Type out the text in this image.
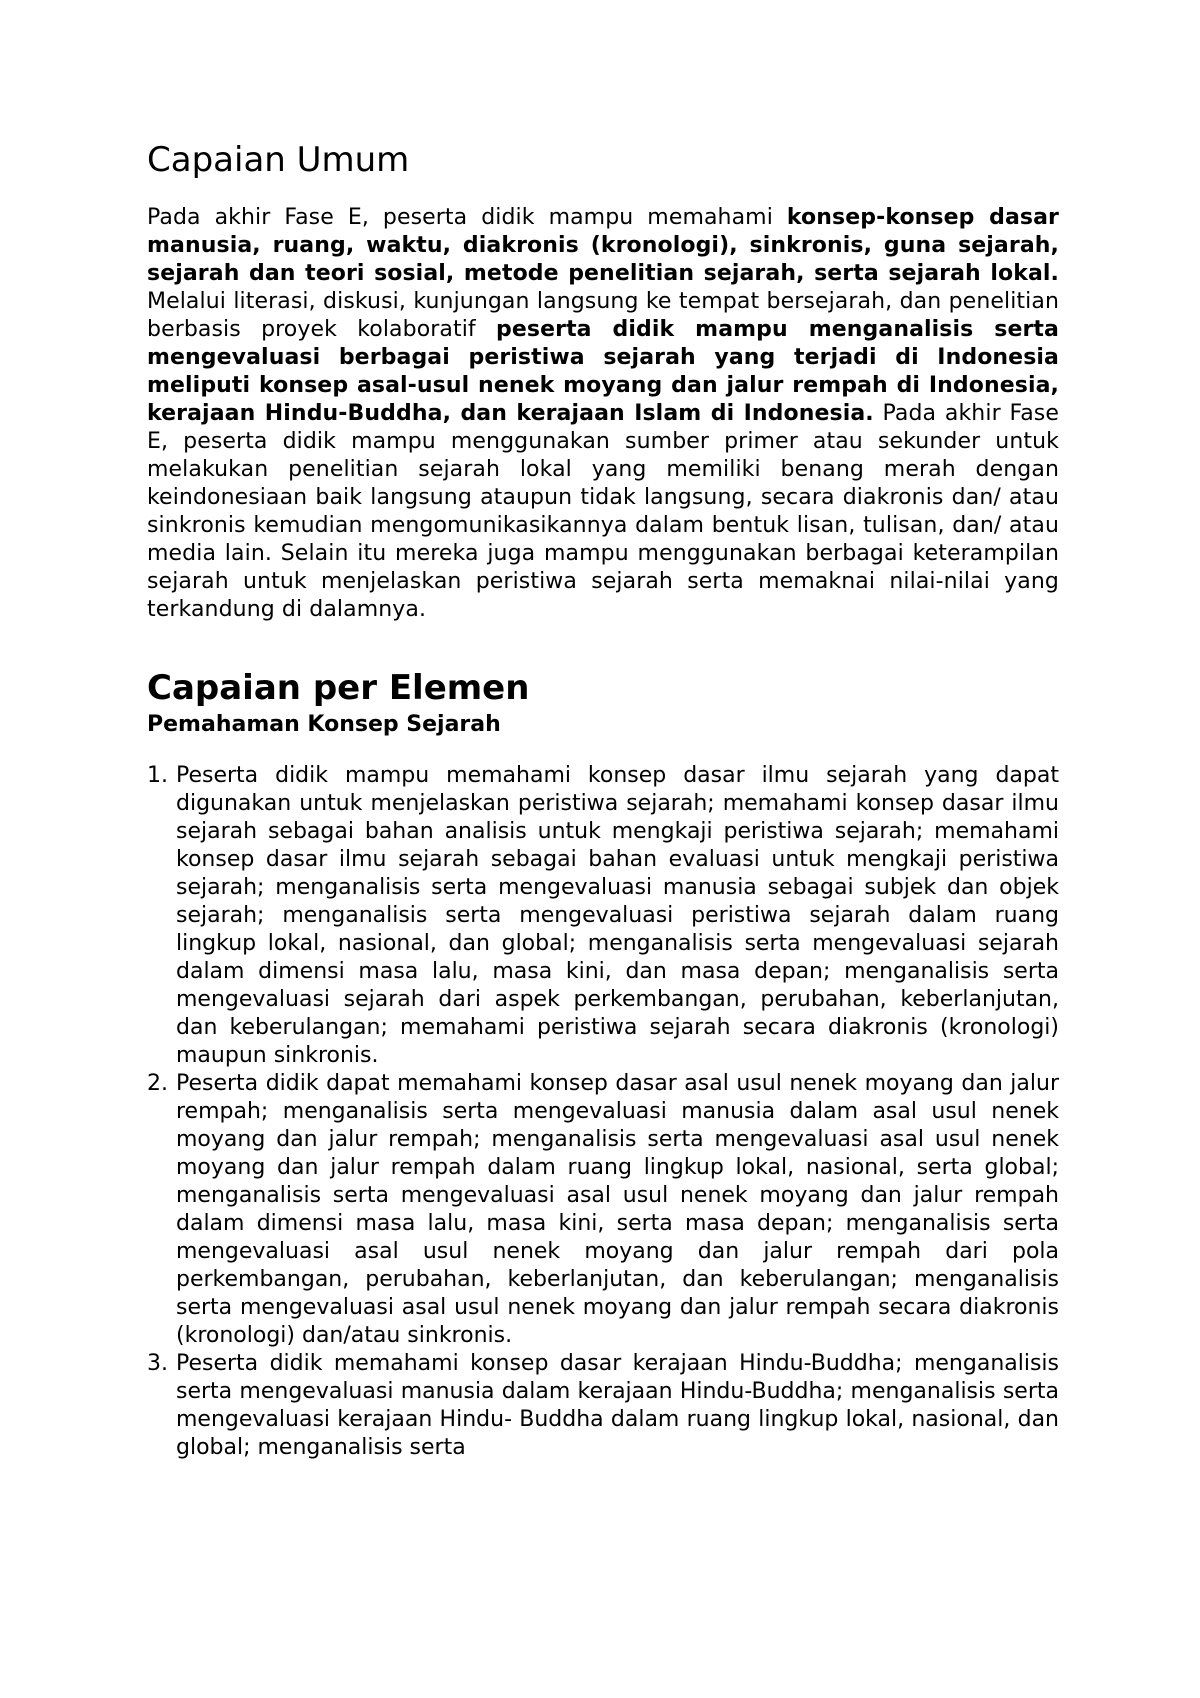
Capaian Umum

Pada akhir Fase E, peserta didik mampu memahami konsep-konsep dasar manusia, ruang, waktu, diakronis (kronologi), sinkronis, guna sejarah, sejarah dan teori sosial, metode penelitian sejarah, serta sejarah lokal. Melalui literasi, diskusi, kunjungan langsung ke tempat bersejarah, dan penelitian berbasis proyek kolaboratif peserta didik mampu menganalisis serta mengevaluasi berbagai peristiwa sejarah yang terjadi di Indonesia meliputi konsep asal-usul nenek moyang dan jalur rempah di Indonesia, kerajaan Hindu-Buddha, dan kerajaan Islam di Indonesia. Pada akhir Fase E, peserta didik mampu menggunakan sumber primer atau sekunder untuk melakukan penelitian sejarah lokal yang memiliki benang merah dengan keindonesiaan baik langsung ataupun tidak langsung, secara diakronis dan/ atau sinkronis kemudian mengomunikasikannya dalam bentuk lisan, tulisan, dan/ atau media lain. Selain itu mereka juga mampu menggunakan berbagai keterampilan sejarah untuk menjelaskan peristiwa sejarah serta memaknai nilai-nilai yang terkandung di dalamnya.

Capaian per Elemen
Pemahaman Konsep Sejarah
1. Peserta didik mampu memahami konsep dasar ilmu sejarah yang dapat digunakan untuk menjelaskan peristiwa sejarah; memahami konsep dasar ilmu sejarah sebagai bahan analisis untuk mengkaji peristiwa sejarah; memahami konsep dasar ilmu sejarah sebagai bahan evaluasi untuk mengkaji peristiwa sejarah; menganalisis serta mengevaluasi manusia sebagai subjek dan objek sejarah; menganalisis serta mengevaluasi peristiwa sejarah dalam ruang lingkup lokal, nasional, dan global; menganalisis serta mengevaluasi sejarah dalam dimensi masa lalu, masa kini, dan masa depan; menganalisis serta mengevaluasi sejarah dari aspek perkembangan, perubahan, keberlanjutan, dan keberulangan; memahami peristiwa sejarah secara diakronis (kronologi) maupun sinkronis.
2. Peserta didik dapat memahami konsep dasar asal usul nenek moyang dan jalur rempah; menganalisis serta mengevaluasi manusia dalam asal usul nenek moyang dan jalur rempah; menganalisis serta mengevaluasi asal usul nenek moyang dan jalur rempah dalam ruang lingkup lokal, nasional, serta global; menganalisis serta mengevaluasi asal usul nenek moyang dan jalur rempah dalam dimensi masa lalu, masa kini, serta masa depan; menganalisis serta mengevaluasi asal usul nenek moyang dan jalur rempah dari pola perkembangan, perubahan, keberlanjutan, dan keberulangan; menganalisis serta mengevaluasi asal usul nenek moyang dan jalur rempah secara diakronis (kronologi) dan/atau sinkronis.
3. Peserta didik memahami konsep dasar kerajaan Hindu-Buddha; menganalisis serta mengevaluasi manusia dalam kerajaan Hindu-Buddha; menganalisis serta mengevaluasi kerajaan Hindu- Buddha dalam ruang lingkup lokal, nasional, dan global; menganalisis serta
